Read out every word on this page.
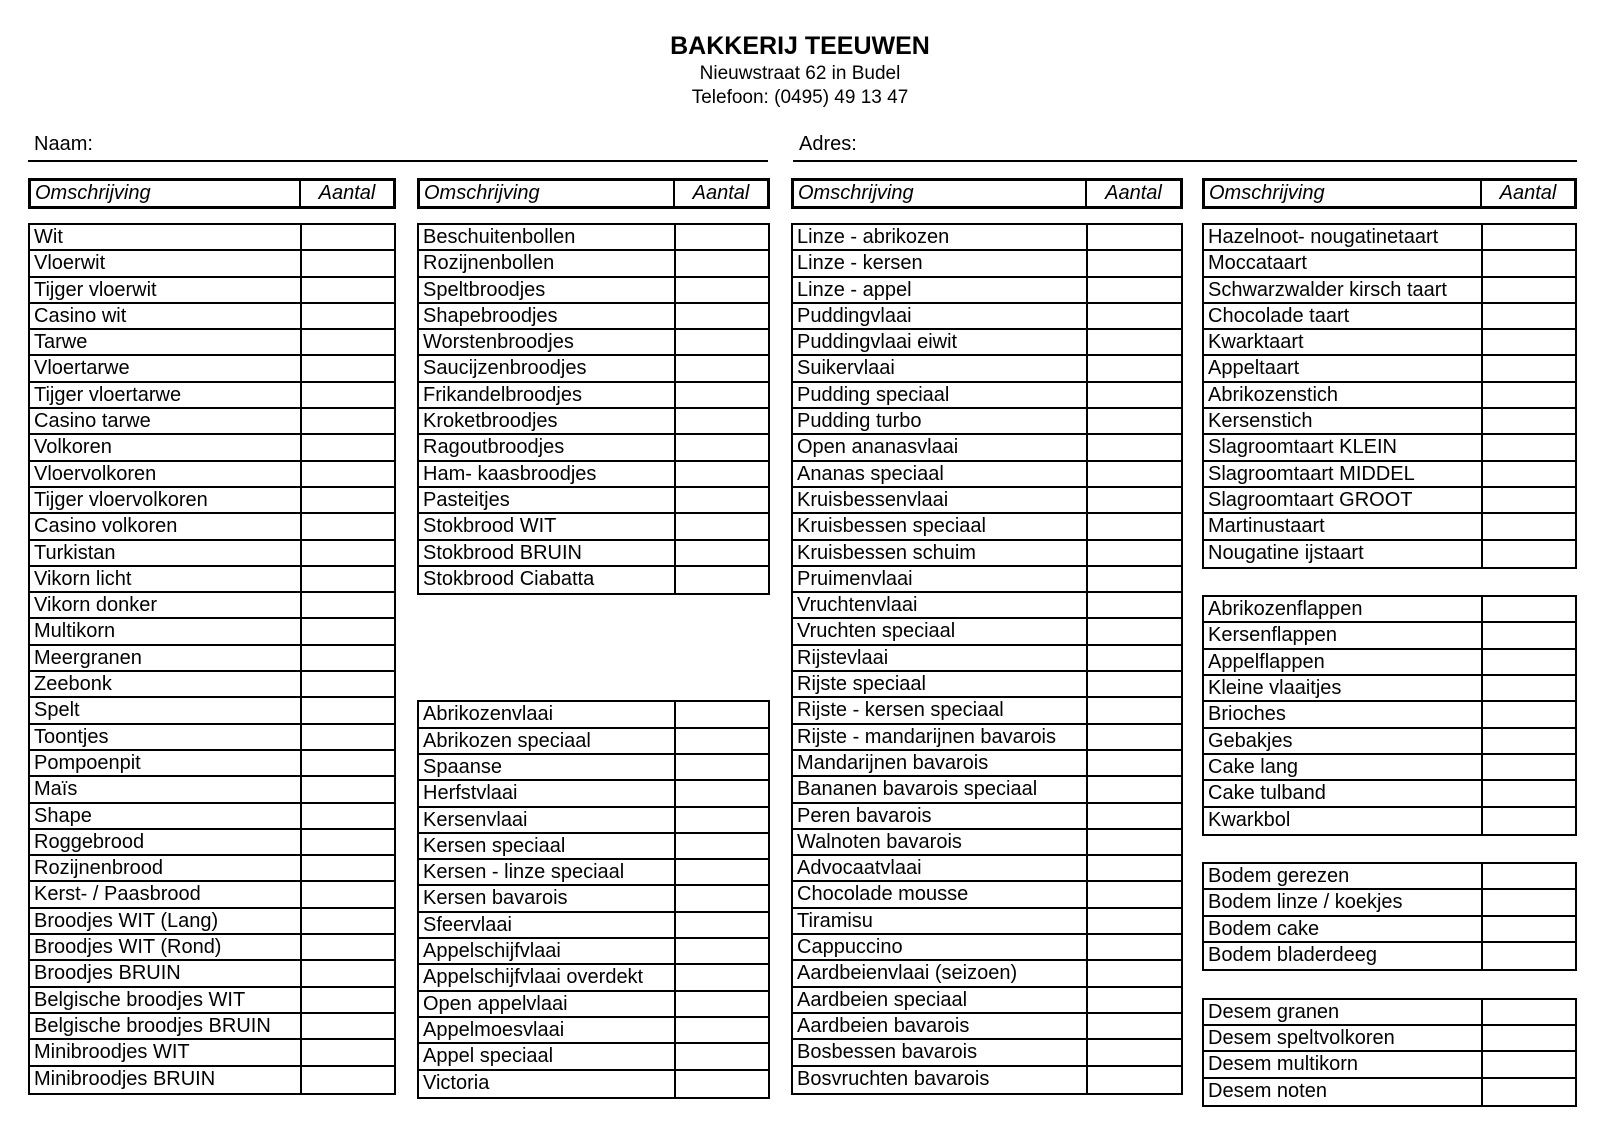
BAKKERIJ TEEUWEN
Nieuwstraat 62 in Budel
Telefoon: (0495) 49 13 47
Naam:	Adres:
Omschrijving	Aantal
Wit
Vloerwit
Tijger vloerwit
Casino wit
Tarwe
Vloertarwe
Tijger vloertarwe
Casino tarwe
Volkoren
Vloervolkoren
Tijger vloervolkoren
Casino volkoren
Turkistan
Vikorn licht
Vikorn donker
Multikorn
Meergranen
Zeebonk
Spelt
Toontjes
Pompoenpit
Maïs
Shape
Roggebrood
Rozijnenbrood
Kerst- / Paasbrood
Broodjes WIT (Lang)
Broodjes WIT (Rond)
Broodjes BRUIN
Belgische broodjes WIT
Belgische broodjes BRUIN
Minibroodjes WIT
Minibroodjes BRUIN
Omschrijving	Aantal
Beschuitenbollen
Rozijnenbollen
Speltbroodjes
Shapebroodjes
Worstenbroodjes
Saucijzenbroodjes
Frikandelbroodjes
Kroketbroodjes
Ragoutbroodjes
Ham- kaasbroodjes
Pasteitjes
Stokbrood WIT
Stokbrood BRUIN
Stokbrood Ciabatta
Abrikozenvlaai
Abrikozen speciaal
Spaanse
Herfstvlaai
Kersenvlaai
Kersen speciaal
Kersen - linze speciaal
Kersen bavarois
Sfeervlaai
Appelschijfvlaai
Appelschijfvlaai overdekt
Open appelvlaai
Appelmoesvlaai
Appel speciaal
Victoria
Omschrijving	Aantal
Linze - abrikozen
Linze - kersen
Linze - appel
Puddingvlaai
Puddingvlaai eiwit
Suikervlaai
Pudding speciaal
Pudding turbo
Open ananasvlaai
Ananas speciaal
Kruisbessenvlaai
Kruisbessen speciaal
Kruisbessen schuim
Pruimenvlaai
Vruchtenvlaai
Vruchten speciaal
Rijstevlaai
Rijste speciaal
Rijste - kersen speciaal
Rijste - mandarijnen bavarois
Mandarijnen bavarois
Bananen bavarois speciaal
Peren bavarois
Walnoten bavarois
Advocaatvlaai
Chocolade mousse
Tiramisu
Cappuccino
Aardbeienvlaai (seizoen)
Aardbeien speciaal
Aardbeien bavarois
Bosbessen bavarois
Bosvruchten bavarois
Omschrijving	Aantal
Hazelnoot- nougatinetaart
Moccataart
Schwarzwalder kirsch taart
Chocolade taart
Kwarktaart
Appeltaart
Abrikozenstich
Kersenstich
Slagroomtaart KLEIN
Slagroomtaart MIDDEL
Slagroomtaart GROOT
Martinustaart
Nougatine ijstaart
Abrikozenflappen
Kersenflappen
Appelflappen
Kleine vlaaitjes
Brioches
Gebakjes
Cake lang
Cake tulband
Kwarkbol
Bodem gerezen
Bodem linze / koekjes
Bodem cake
Bodem bladerdeeg
Desem granen
Desem speltvolkoren
Desem multikorn
Desem noten
